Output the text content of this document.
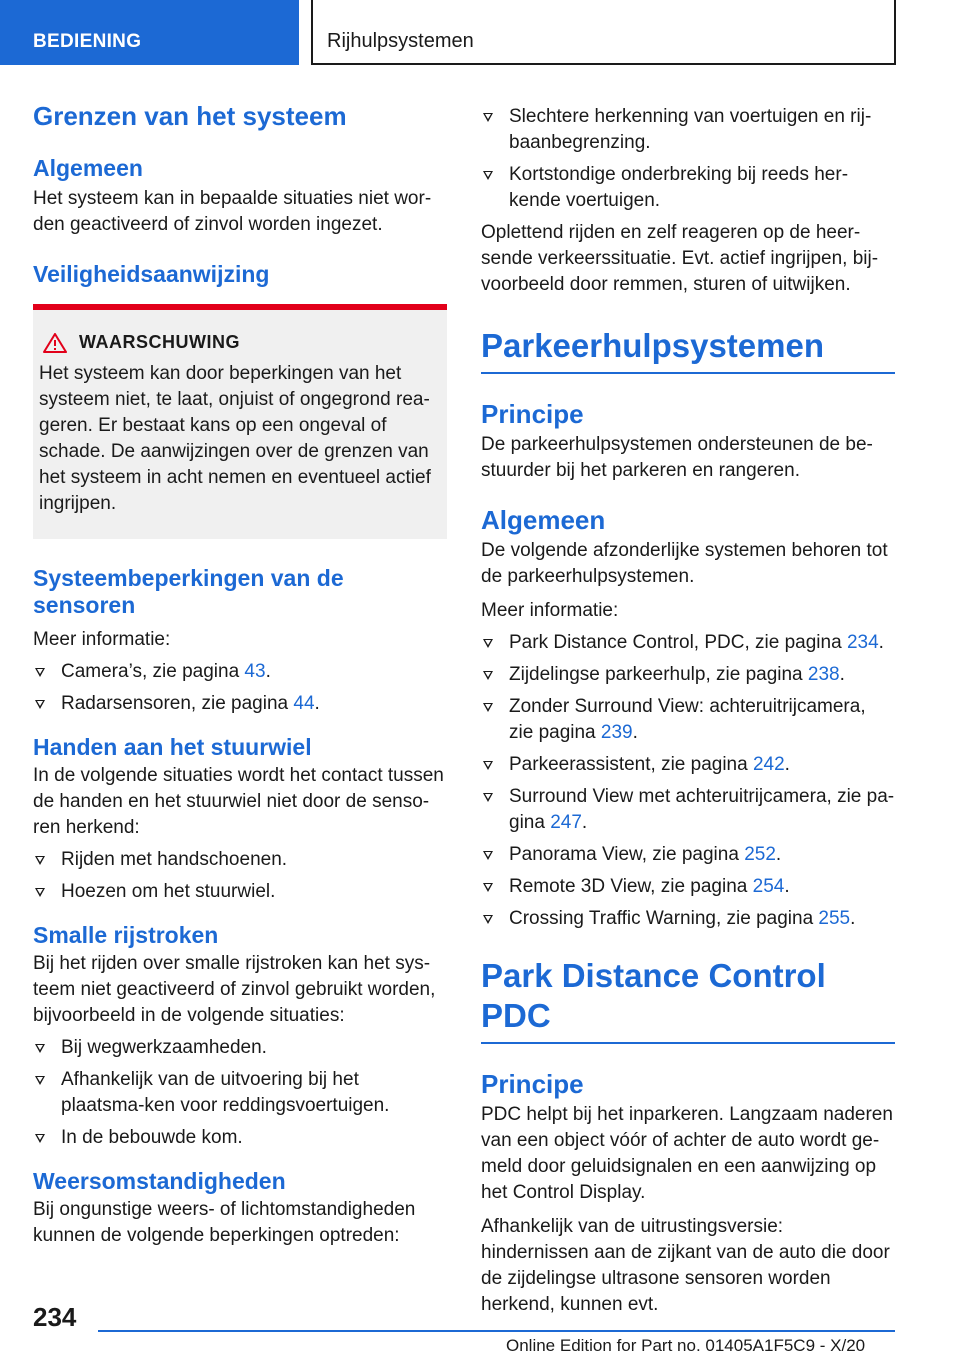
BEDIENING	Rijhulpsystemen
Grenzen van het systeem
Algemeen

Het systeem kan in bepaalde situaties niet wor-den geactiveerd of zinvol worden ingezet.

Veiligheidsaanwijzing
WAARSCHUWING

Het systeem kan door beperkingen van het systeem niet, te laat, onjuist of ongegrond rea-geren. Er bestaat kans op een ongeval of schade. De aanwijzingen over de grenzen van het systeem in acht nemen en eventueel actief ingrijpen.

Systeembeperkingen van de sensoren

Meer informatie:

Camera’s, zie pagina 43.
Radarsensoren, zie pagina 44.
Handen aan het stuurwiel

In de volgende situaties wordt het contact tussen de handen en het stuurwiel niet door de senso-ren herkend:

Rijden met handschoenen.
Hoezen om het stuurwiel.
Smalle rijstroken

Bij het rijden over smalle rijstroken kan het sys-teem niet geactiveerd of zinvol gebruikt worden, bijvoorbeeld in de volgende situaties:

Bij wegwerkzaamheden.
Afhankelijk van de uitvoering bij het plaatsma-ken voor reddingsvoertuigen.
In de bebouwde kom.
Weersomstandigheden

Bij ongunstige weers- of lichtomstandigheden kunnen de volgende beperkingen optreden:

Slechtere herkenning van voertuigen en rij-baanbegrenzing.
Kortstondige onderbreking bij reeds her-kende voertuigen.

Oplettend rijden en zelf reageren op de heer-sende verkeerssituatie. Evt. actief ingrijpen, bij-voorbeeld door remmen, sturen of uitwijken.

Parkeerhulpsystemen
Principe

De parkeerhulpsystemen ondersteunen de be-stuurder bij het parkeren en rangeren.

Algemeen

De volgende afzonderlijke systemen behoren tot de parkeerhulpsystemen.

Meer informatie:

Park Distance Control, PDC, zie pagina 234.
Zijdelingse parkeerhulp, zie pagina 238.
Zonder Surround View: achteruitrijcamera, zie pagina 239.
Parkeerassistent, zie pagina 242.
Surround View met achteruitrijcamera, zie pa-gina 247.
Panorama View, zie pagina 252.
Remote 3D View, zie pagina 254.
Crossing Traffic Warning, zie pagina 255.
Park Distance Control PDC
Principe

PDC helpt bij het inparkeren. Langzaam naderen van een object vóór of achter de auto wordt ge-meld door geluidsignalen en een aanwijzing op het Control Display.

Afhankelijk van de uitrustingsversie: hindernissen aan de zijkant van de auto die door de zijdelingse ultrasone sensoren worden herkend, kunnen evt.

234
Online Edition for Part no. 01405A1F5C9 - X/20
